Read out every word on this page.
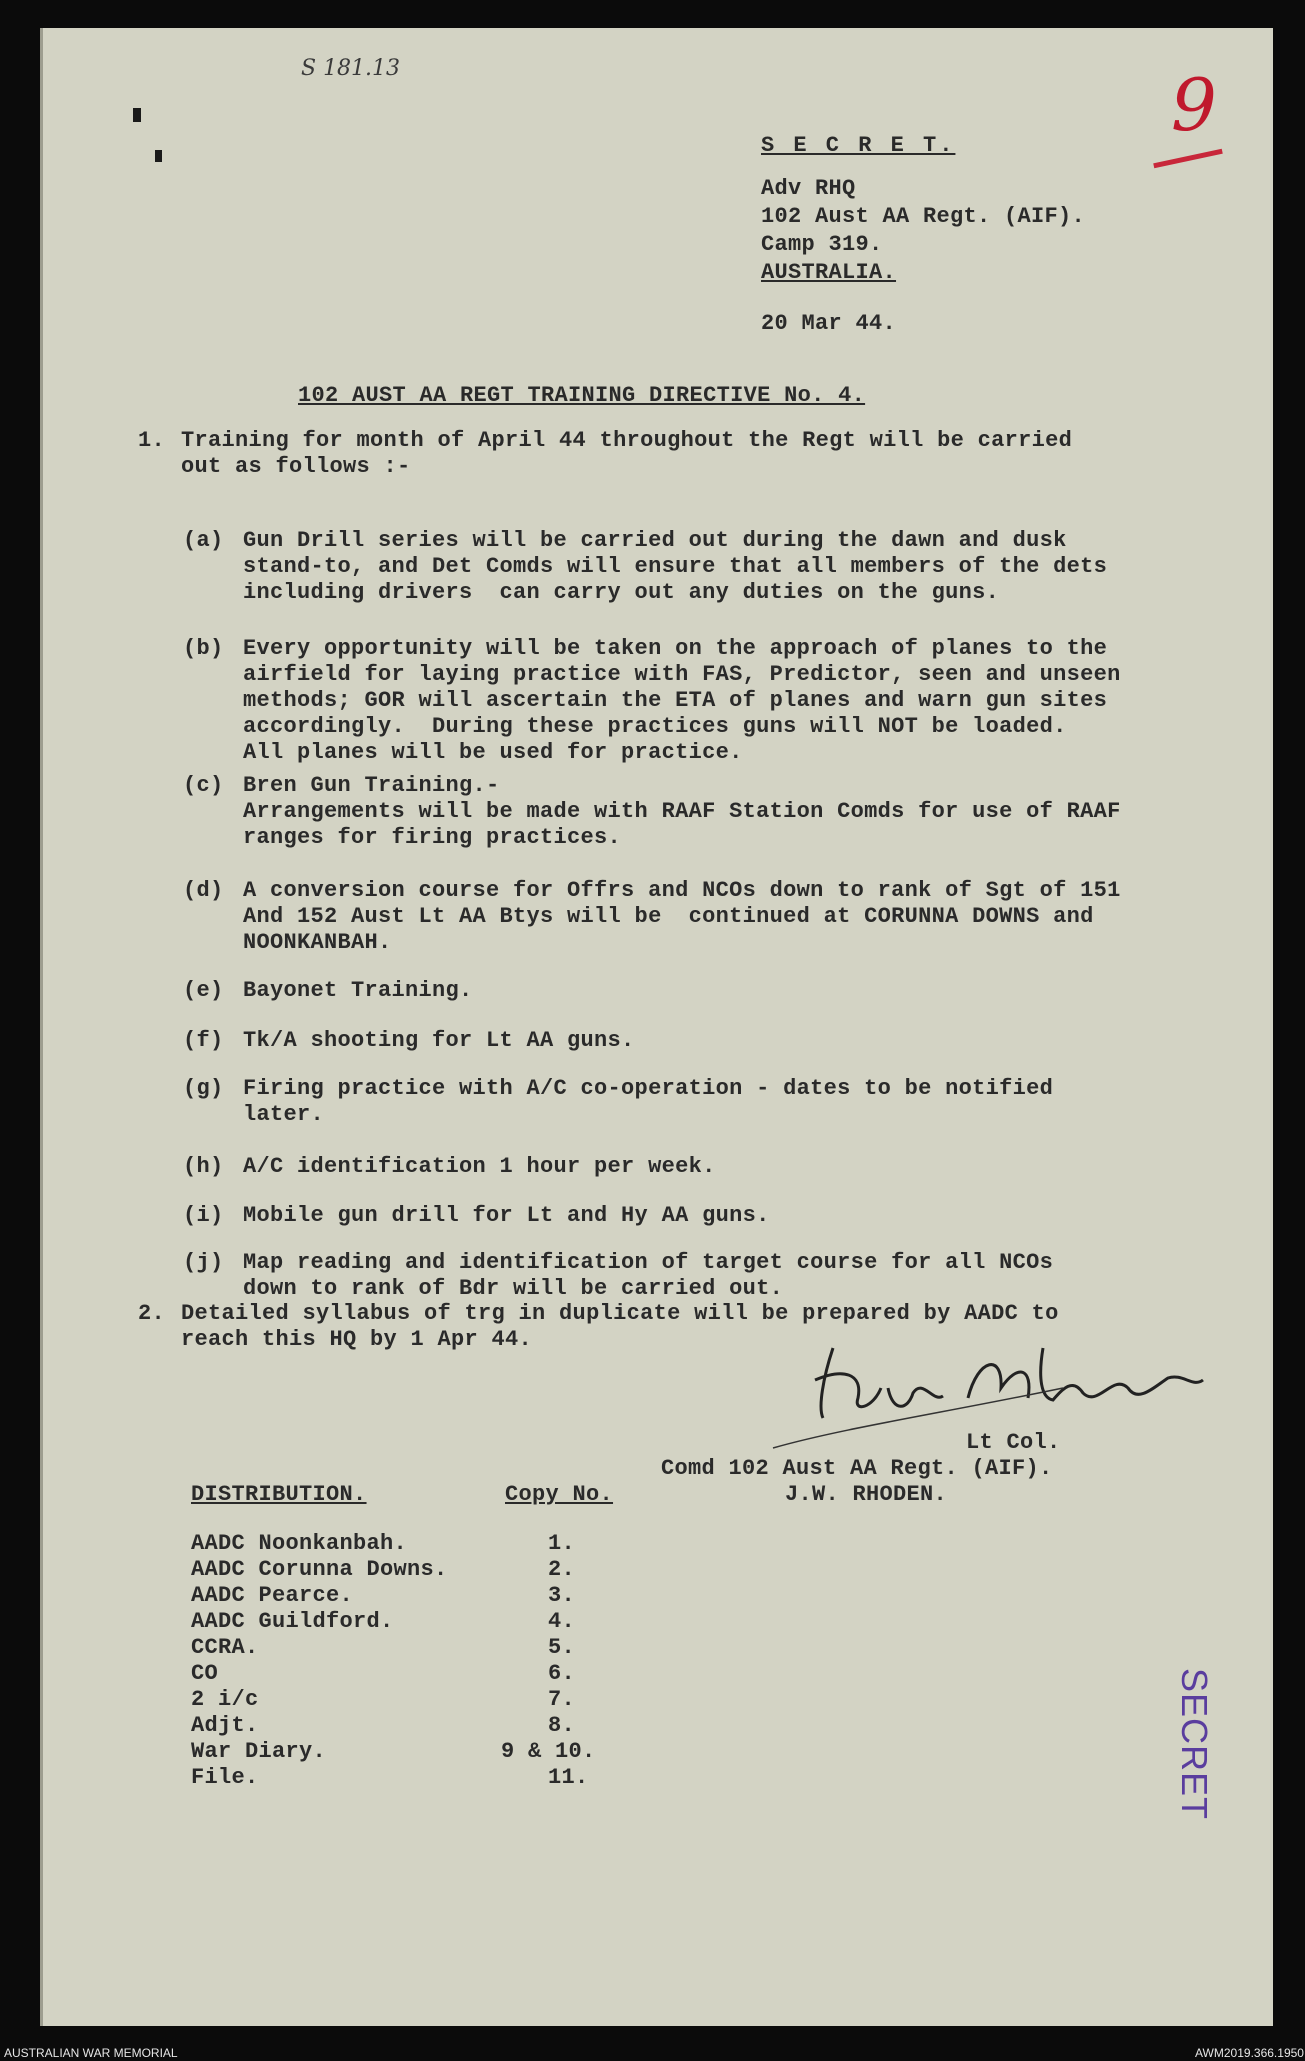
S 181.13	9
S E C R E T.
Adv RHQ
102 Aust AA Regt. (AIF).
Camp 319.
AUSTRALIA.
20 Mar 44.
102 AUST AA REGT TRAINING DIRECTIVE No. 4.
1. Training for month of April 44 throughout the Regt will be carried
out as follows :-
(a) Gun Drill series will be carried out during the dawn and dusk
stand-to, and Det Comds will ensure that all members of the dets
including drivers  can carry out any duties on the guns.
(b) Every opportunity will be taken on the approach of planes to the
airfield for laying practice with FAS, Predictor, seen and unseen
methods; GOR will ascertain the ETA of planes and warn gun sites
accordingly.  During these practices guns will NOT be loaded.
All planes will be used for practice.
(c) Bren Gun Training.-
Arrangements will be made with RAAF Station Comds for use of RAAF
ranges for firing practices.
(d) A conversion course for Offrs and NCOs down to rank of Sgt of 151
And 152 Aust Lt AA Btys will be  continued at CORUNNA DOWNS and
NOONKANBAH.
(e) Bayonet Training.
(f) Tk/A shooting for Lt AA guns.
(g) Firing practice with A/C co-operation - dates to be notified
later.
(h) A/C identification 1 hour per week.
(i) Mobile gun drill for Lt and Hy AA guns.
(j) Map reading and identification of target course for all NCOs
down to rank of Bdr will be carried out.
2. Detailed syllabus of trg in duplicate will be prepared by AADC to
reach this HQ by 1 Apr 44.
Lt Col.
Comd 102 Aust AA Regt. (AIF).
J.W. RHODEN.
DISTRIBUTION.	Copy No.
AADC Noonkanbah.	1.
AADC Corunna Downs.	2.
AADC Pearce.	3.
AADC Guildford.	4.
CCRA.	5.
CO	6.
2 i/c	7.
Adjt.	8.
War Diary.	9 & 10.
File.	11.	SECRET
AUSTRALIAN WAR MEMORIAL	AWM2019.366.1950
